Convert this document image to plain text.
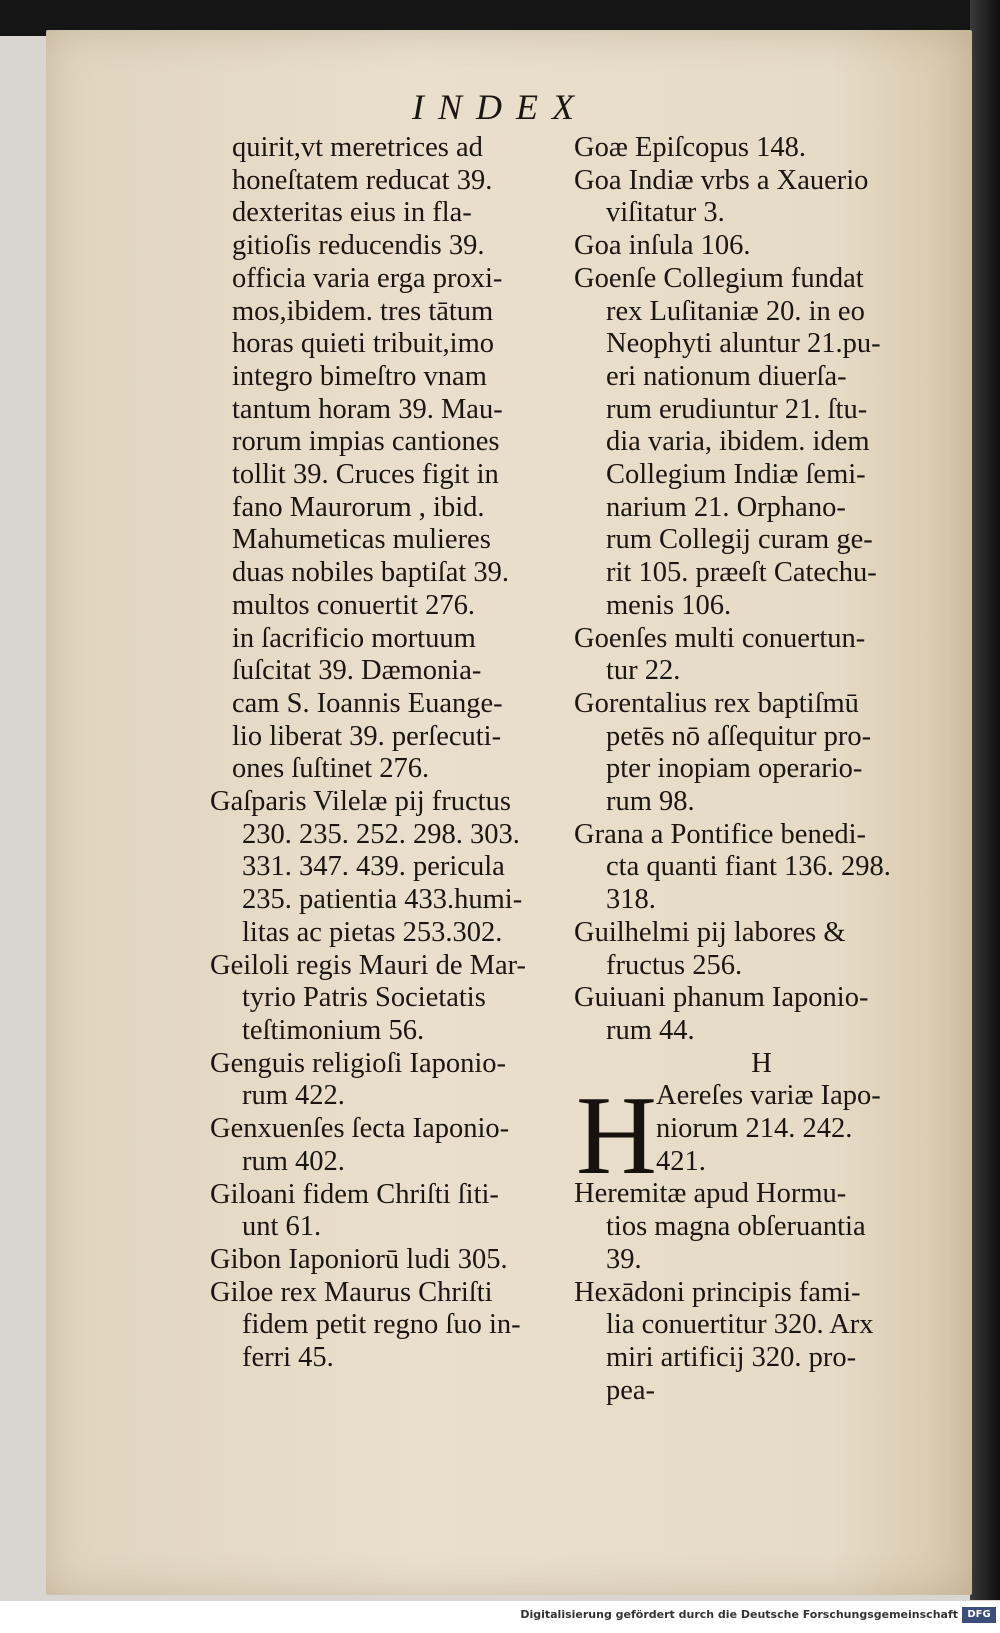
INDEX
quirit,vt meretrices ad
honeſtatem reducat 39.
dexteritas eius in fla-
gitioſis reducendis 39.
officia varia erga proxi-
mos,ibidem. tres tātum
horas quieti tribuit,imo
integro bimeſtro vnam
tantum horam 39. Mau-
rorum impias cantiones
tollit 39. Cruces figit in
fano Maurorum , ibid.
Mahumeticas mulieres
duas nobiles baptiſat 39.
multos conuertit 276.
in ſacrificio mortuum
ſuſcitat 39. Dæmonia-
cam S. Ioannis Euange-
lio liberat 39. perſecuti-
ones ſuſtinet 276.
Gaſparis Vilelæ pij fructus
230. 235. 252. 298. 303.
331. 347. 439. pericula
235. patientia 433.humi-
litas ac pietas 253.302.
Geiloli regis Mauri de Mar-
tyrio Patris Societatis
teſtimonium 56.
Genguis religioſi Iaponio-
rum 422.
Genxuenſes ſecta Iaponio-
rum 402.
Giloani fidem Chriſti ſiti-
unt 61.
Gibon Iaponiorū ludi 305.
Giloe rex Maurus Chriſti
fidem petit regno ſuo in-
ferri 45.
Goæ Epiſcopus 148.
Goa Indiæ vrbs a Xauerio
viſitatur 3.
Goa inſula 106.
Goenſe Collegium fundat
rex Luſitaniæ 20. in eo
Neophyti aluntur 21.pu-
eri nationum diuerſa-
rum erudiuntur 21. ſtu-
dia varia, ibidem. idem
Collegium Indiæ ſemi-
narium 21. Orphano-
rum Collegij curam ge-
rit 105. præeſt Catechu-
menis 106.
Goenſes multi conuertun-
tur 22.
Gorentalius rex baptiſmū
petēs nō aſſequitur pro-
pter inopiam operario-
rum 98.
Grana a Pontifice benedi-
cta quanti fiant 136. 298.
318.
Guilhelmi pij labores &
fructus 256.
Guiuani phanum Iaponio-
rum 44.
H
H Aereſes variæ Iapo-
niorum 214. 242.
421.
Heremitæ apud Hormu-
tios magna obſeruantia
39.
Hexādoni principis fami-
lia conuertitur 320. Arx
miri artificij 320. pro-
pea-
Digitalisierung gefördert durch die Deutsche Forschungsgemeinschaft DFG
